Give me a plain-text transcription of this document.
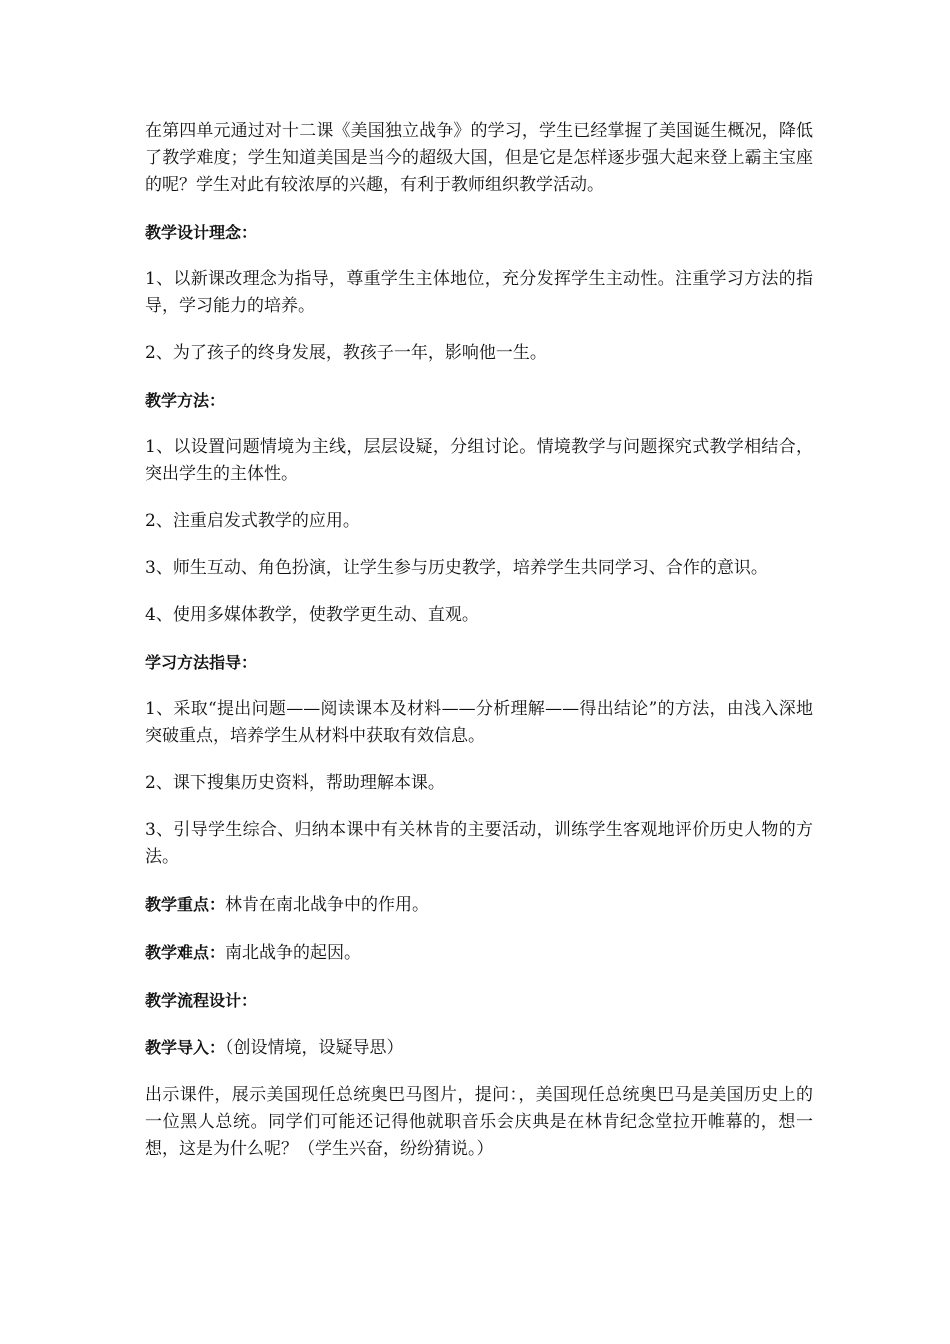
在第四单元通过对十二课《美国独立战争》的学习，学生已经掌握了美国诞生概况，降低了教学难度；学生知道美国是当今的超级大国，但是它是怎样逐步强大起来登上霸主宝座的呢？学生对此有较浓厚的兴趣，有利于教师组织教学活动。

教学设计理念：

1、以新课改理念为指导，尊重学生主体地位，充分发挥学生主动性。注重学习方法的指导，学习能力的培养。

2、为了孩子的终身发展，教孩子一年，影响他一生。

教学方法：

1、以设置问题情境为主线，层层设疑，分组讨论。情境教学与问题探究式教学相结合，突出学生的主体性。

2、注重启发式教学的应用。

3、师生互动、角色扮演，让学生参与历史教学，培养学生共同学习、合作的意识。

4、使用多媒体教学，使教学更生动、直观。

学习方法指导：

1、采取“提出问题——阅读课本及材料——分析理解——得出结论”的方法，由浅入深地突破重点，培养学生从材料中获取有效信息。

2、课下搜集历史资料，帮助理解本课。

3、引导学生综合、归纳本课中有关林肯的主要活动，训练学生客观地评价历史人物的方法。

教学重点：林肯在南北战争中的作用。

教学难点：南北战争的起因。

教学流程设计：

教学导入：（创设情境，设疑导思）

出示课件，展示美国现任总统奥巴马图片，提问：，美国现任总统奥巴马是美国历史上的一位黑人总统。同学们可能还记得他就职音乐会庆典是在林肯纪念堂拉开帷幕的，想一想，这是为什么呢？（学生兴奋，纷纷猜说。）
